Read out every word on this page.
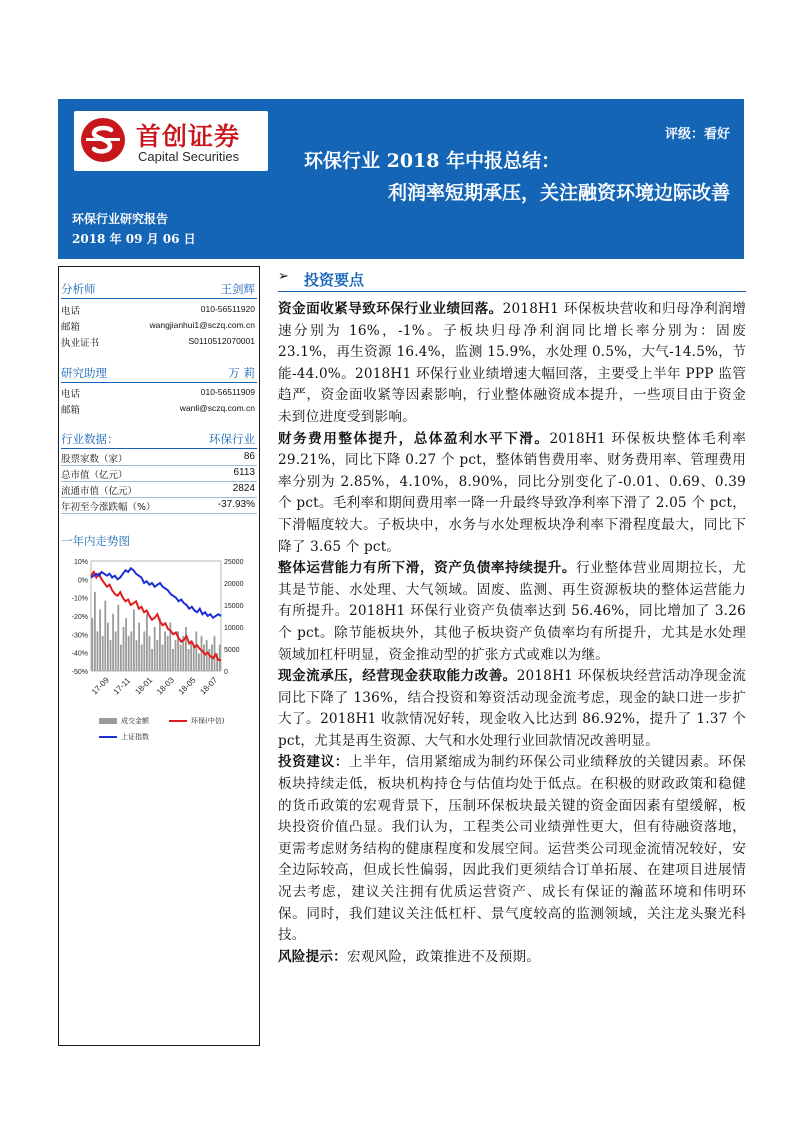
首创证券
Capital Securities
评级：看好
环保行业 2018 年中报总结：
利润率短期承压，关注融资环境边际改善
环保行业研究报告
2018 年 09 月 06 日
分析师	王剑辉
电话	010-56511920
邮箱	wangjianhui1@sczq.com.cn
执业证书	S0110512070001
研究助理	万 莉
电话	010-56511909
邮箱	wanli@sczq.com.cn
行业数据：	环保行业
股票家数（家）	86
总市值（亿元）	6113
流通市值（亿元）	2824
年初至今涨跌幅（%）	-37.93%
一年内走势图
10%
0%
-10%
-20%
-30%
-40%
-50%
25000
20000
15000
10000
5000
0
17-09 17-11 18-01 18-03 18-05 18-07
成交金额	环保(中信)
上证指数
➢ 投资要点

资金面收紧导致环保行业业绩回落。2018H1 环保板块营收和归母净利润增速分别为 16%，-1%。子板块归母净利润同比增长率分别为：固废 23.1%，再生资源 16.4%，监测 15.9%，水处理 0.5%，大气-14.5%，节能-44.0%。2018H1 环保行业业绩增速大幅回落，主要受上半年 PPP 监管趋严，资金面收紧等因素影响，行业整体融资成本提升，一些项目由于资金未到位进度受到影响。

财务费用整体提升，总体盈利水平下滑。2018H1 环保板块整体毛利率 29.21%，同比下降 0.27 个 pct，整体销售费用率、财务费用率、管理费用率分别为 2.85%，4.10%，8.90%，同比分别变化了-0.01、0.69、0.39 个 pct。毛利率和期间费用率一降一升最终导致净利率下滑了 2.05 个 pct，下滑幅度较大。子板块中，水务与水处理板块净利率下滑程度最大，同比下降了 3.65 个 pct。

整体运营能力有所下滑，资产负债率持续提升。行业整体营业周期拉长，尤其是节能、水处理、大气领域。固废、监测、再生资源板块的整体运营能力有所提升。2018H1 环保行业资产负债率达到 56.46%，同比增加了 3.26 个 pct。除节能板块外，其他子板块资产负债率均有所提升，尤其是水处理领域加杠杆明显，资金推动型的扩张方式或难以为继。

现金流承压，经营现金获取能力改善。2018H1 环保板块经营活动净现金流同比下降了 136%，结合投资和筹资活动现金流考虑，现金的缺口进一步扩大了。2018H1 收款情况好转，现金收入比达到 86.92%，提升了 1.37 个 pct，尤其是再生资源、大气和水处理行业回款情况改善明显。

投资建议：上半年，信用紧缩成为制约环保公司业绩释放的关键因素。环保板块持续走低，板块机构持仓与估值均处于低点。在积极的财政政策和稳健的货币政策的宏观背景下，压制环保板块最关键的资金面因素有望缓解，板块投资价值凸显。我们认为，工程类公司业绩弹性更大，但有待融资落地，更需考虑财务结构的健康程度和发展空间。运营类公司现金流情况较好，安全边际较高，但成长性偏弱，因此我们更须结合订单拓展、在建项目进展情况去考虑，建议关注拥有优质运营资产、成长有保证的瀚蓝环境和伟明环保。同时，我们建议关注低杠杆、景气度较高的监测领域，关注龙头聚光科技。

风险提示：宏观风险，政策推进不及预期。
